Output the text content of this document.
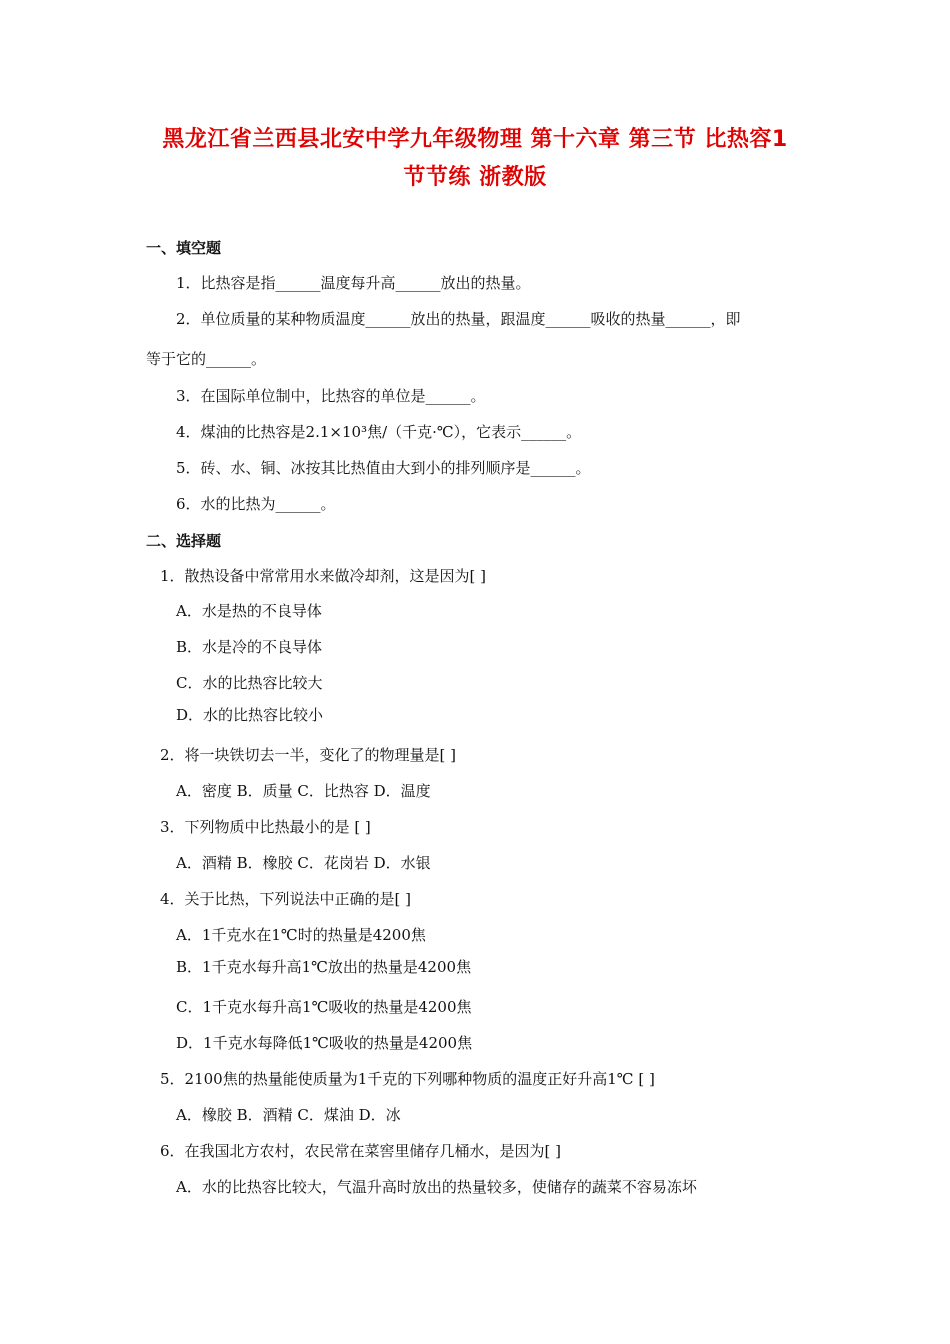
黑龙江省兰西县北安中学九年级物理 第十六章 第三节 比热容1
节节练 浙教版
一、填空题
1．比热容是指______温度每升高______放出的热量。
2．单位质量的某种物质温度______放出的热量，跟温度______吸收的热量______，即
等于它的______。
3．在国际单位制中，比热容的单位是______。
4．煤油的比热容是2.1×10³焦/（千克·℃），它表示______。
5．砖、水、铜、冰按其比热值由大到小的排列顺序是______。
6．水的比热为______。
二、选择题
1．散热设备中常常用水来做冷却剂，这是因为[ ]
A．水是热的不良导体
B．水是冷的不良导体
C．水的比热容比较大
D．水的比热容比较小
2．将一块铁切去一半，变化了的物理量是[ ]
A．密度 B．质量 C．比热容 D．温度
3．下列物质中比热最小的是 [ ]
A．酒精 B．橡胶 C．花岗岩 D．水银
4．关于比热，下列说法中正确的是[ ]
A．1千克水在1℃时的热量是4200焦
B．1千克水每升高1℃放出的热量是4200焦
C．1千克水每升高1℃吸收的热量是4200焦
D．1千克水每降低1℃吸收的热量是4200焦
5．2100焦的热量能使质量为1千克的下列哪种物质的温度正好升高1℃ [ ]
A．橡胶 B．酒精 C．煤油 D．冰
6．在我国北方农村，农民常在菜窖里储存几桶水，是因为[ ]
A．水的比热容比较大，气温升高时放出的热量较多，使储存的蔬菜不容易冻坏
